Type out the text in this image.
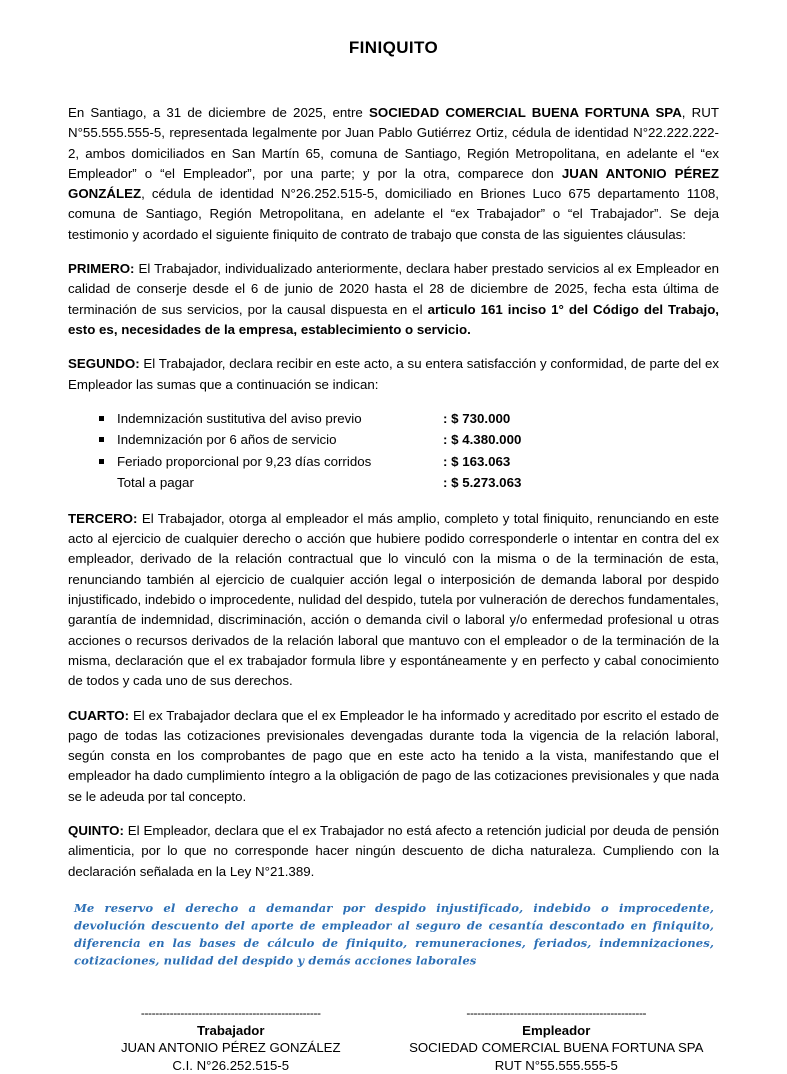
FINIQUITO

En Santiago, a 31 de diciembre de 2025, entre SOCIEDAD COMERCIAL BUENA FORTUNA SPA, RUT N°55.555.555-5, representada legalmente por Juan Pablo Gutiérrez Ortiz, cédula de identidad N°22.222.222-2, ambos domiciliados en San Martín 65, comuna de Santiago, Región Metropolitana, en adelante el “ex Empleador” o “el Empleador”, por una parte; y por la otra, comparece don JUAN ANTONIO PÉREZ GONZÁLEZ, cédula de identidad N°26.252.515-5, domiciliado en Briones Luco 675 departamento 1108, comuna de Santiago, Región Metropolitana, en adelante el “ex Trabajador” o “el Trabajador”. Se deja testimonio y acordado el siguiente finiquito de contrato de trabajo que consta de las siguientes cláusulas:

PRIMERO: El Trabajador, individualizado anteriormente, declara haber prestado servicios al ex Empleador en calidad de conserje desde el 6 de junio de 2020 hasta el 28 de diciembre de 2025, fecha esta última de terminación de sus servicios, por la causal dispuesta en el articulo 161 inciso 1° del Código del Trabajo, esto es, necesidades de la empresa, establecimiento o servicio.

SEGUNDO: El Trabajador, declara recibir en este acto, a su entera satisfacción y conformidad, de parte del ex Empleador las sumas que a continuación se indican:

Indemnización sustitutiva del aviso previo	: $ 730.000
Indemnización por 6 años de servicio	: $ 4.380.000
Feriado proporcional por 9,23 días corridos	: $ 163.063
Total a pagar	: $ 5.273.063

TERCERO: El Trabajador, otorga al empleador el más amplio, completo y total finiquito, renunciando en este acto al ejercicio de cualquier derecho o acción que hubiere podido corresponderle o intentar en contra del ex empleador, derivado de la relación contractual que lo vinculó con la misma o de la terminación de esta, renunciando también al ejercicio de cualquier acción legal o interposición de demanda laboral por despido injustificado, indebido o improcedente, nulidad del despido, tutela por vulneración de derechos fundamentales, garantía de indemnidad, discriminación, acción o demanda civil o laboral y/o enfermedad profesional u otras acciones o recursos derivados de la relación laboral que mantuvo con el empleador o de la terminación de la misma, declaración que el ex trabajador formula libre y espontáneamente y en perfecto y cabal conocimiento de todos y cada uno de sus derechos.

CUARTO: El ex Trabajador declara que el ex Empleador le ha informado y acreditado por escrito el estado de pago de todas las cotizaciones previsionales devengadas durante toda la vigencia de la relación laboral, según consta en los comprobantes de pago que en este acto ha tenido a la vista, manifestando que el empleador ha dado cumplimiento íntegro a la obligación de pago de las cotizaciones previsionales y que nada se le adeuda por tal concepto.

QUINTO: El Empleador, declara que el ex Trabajador no está afecto a retención judicial por deuda de pensión alimenticia, por lo que no corresponde hacer ningún descuento de dicha naturaleza. Cumpliendo con la declaración señalada en la Ley N°21.389.

Me reservo el derecho a demandar por despido injustificado, indebido o improcedente, devolución descuento del aporte de empleador al seguro de cesantía descontado en finiquito, diferencia en las bases de cálculo de finiquito, remuneraciones, feriados, indemnizaciones, cotizaciones, nulidad del despido y demás acciones laborales
--------------------------------------------------
Trabajador
JUAN ANTONIO PÉREZ GONZÁLEZ
C.I. N°26.252.515-5
--------------------------------------------------
Empleador
SOCIEDAD COMERCIAL BUENA FORTUNA SPA
RUT N°55.555.555-5
